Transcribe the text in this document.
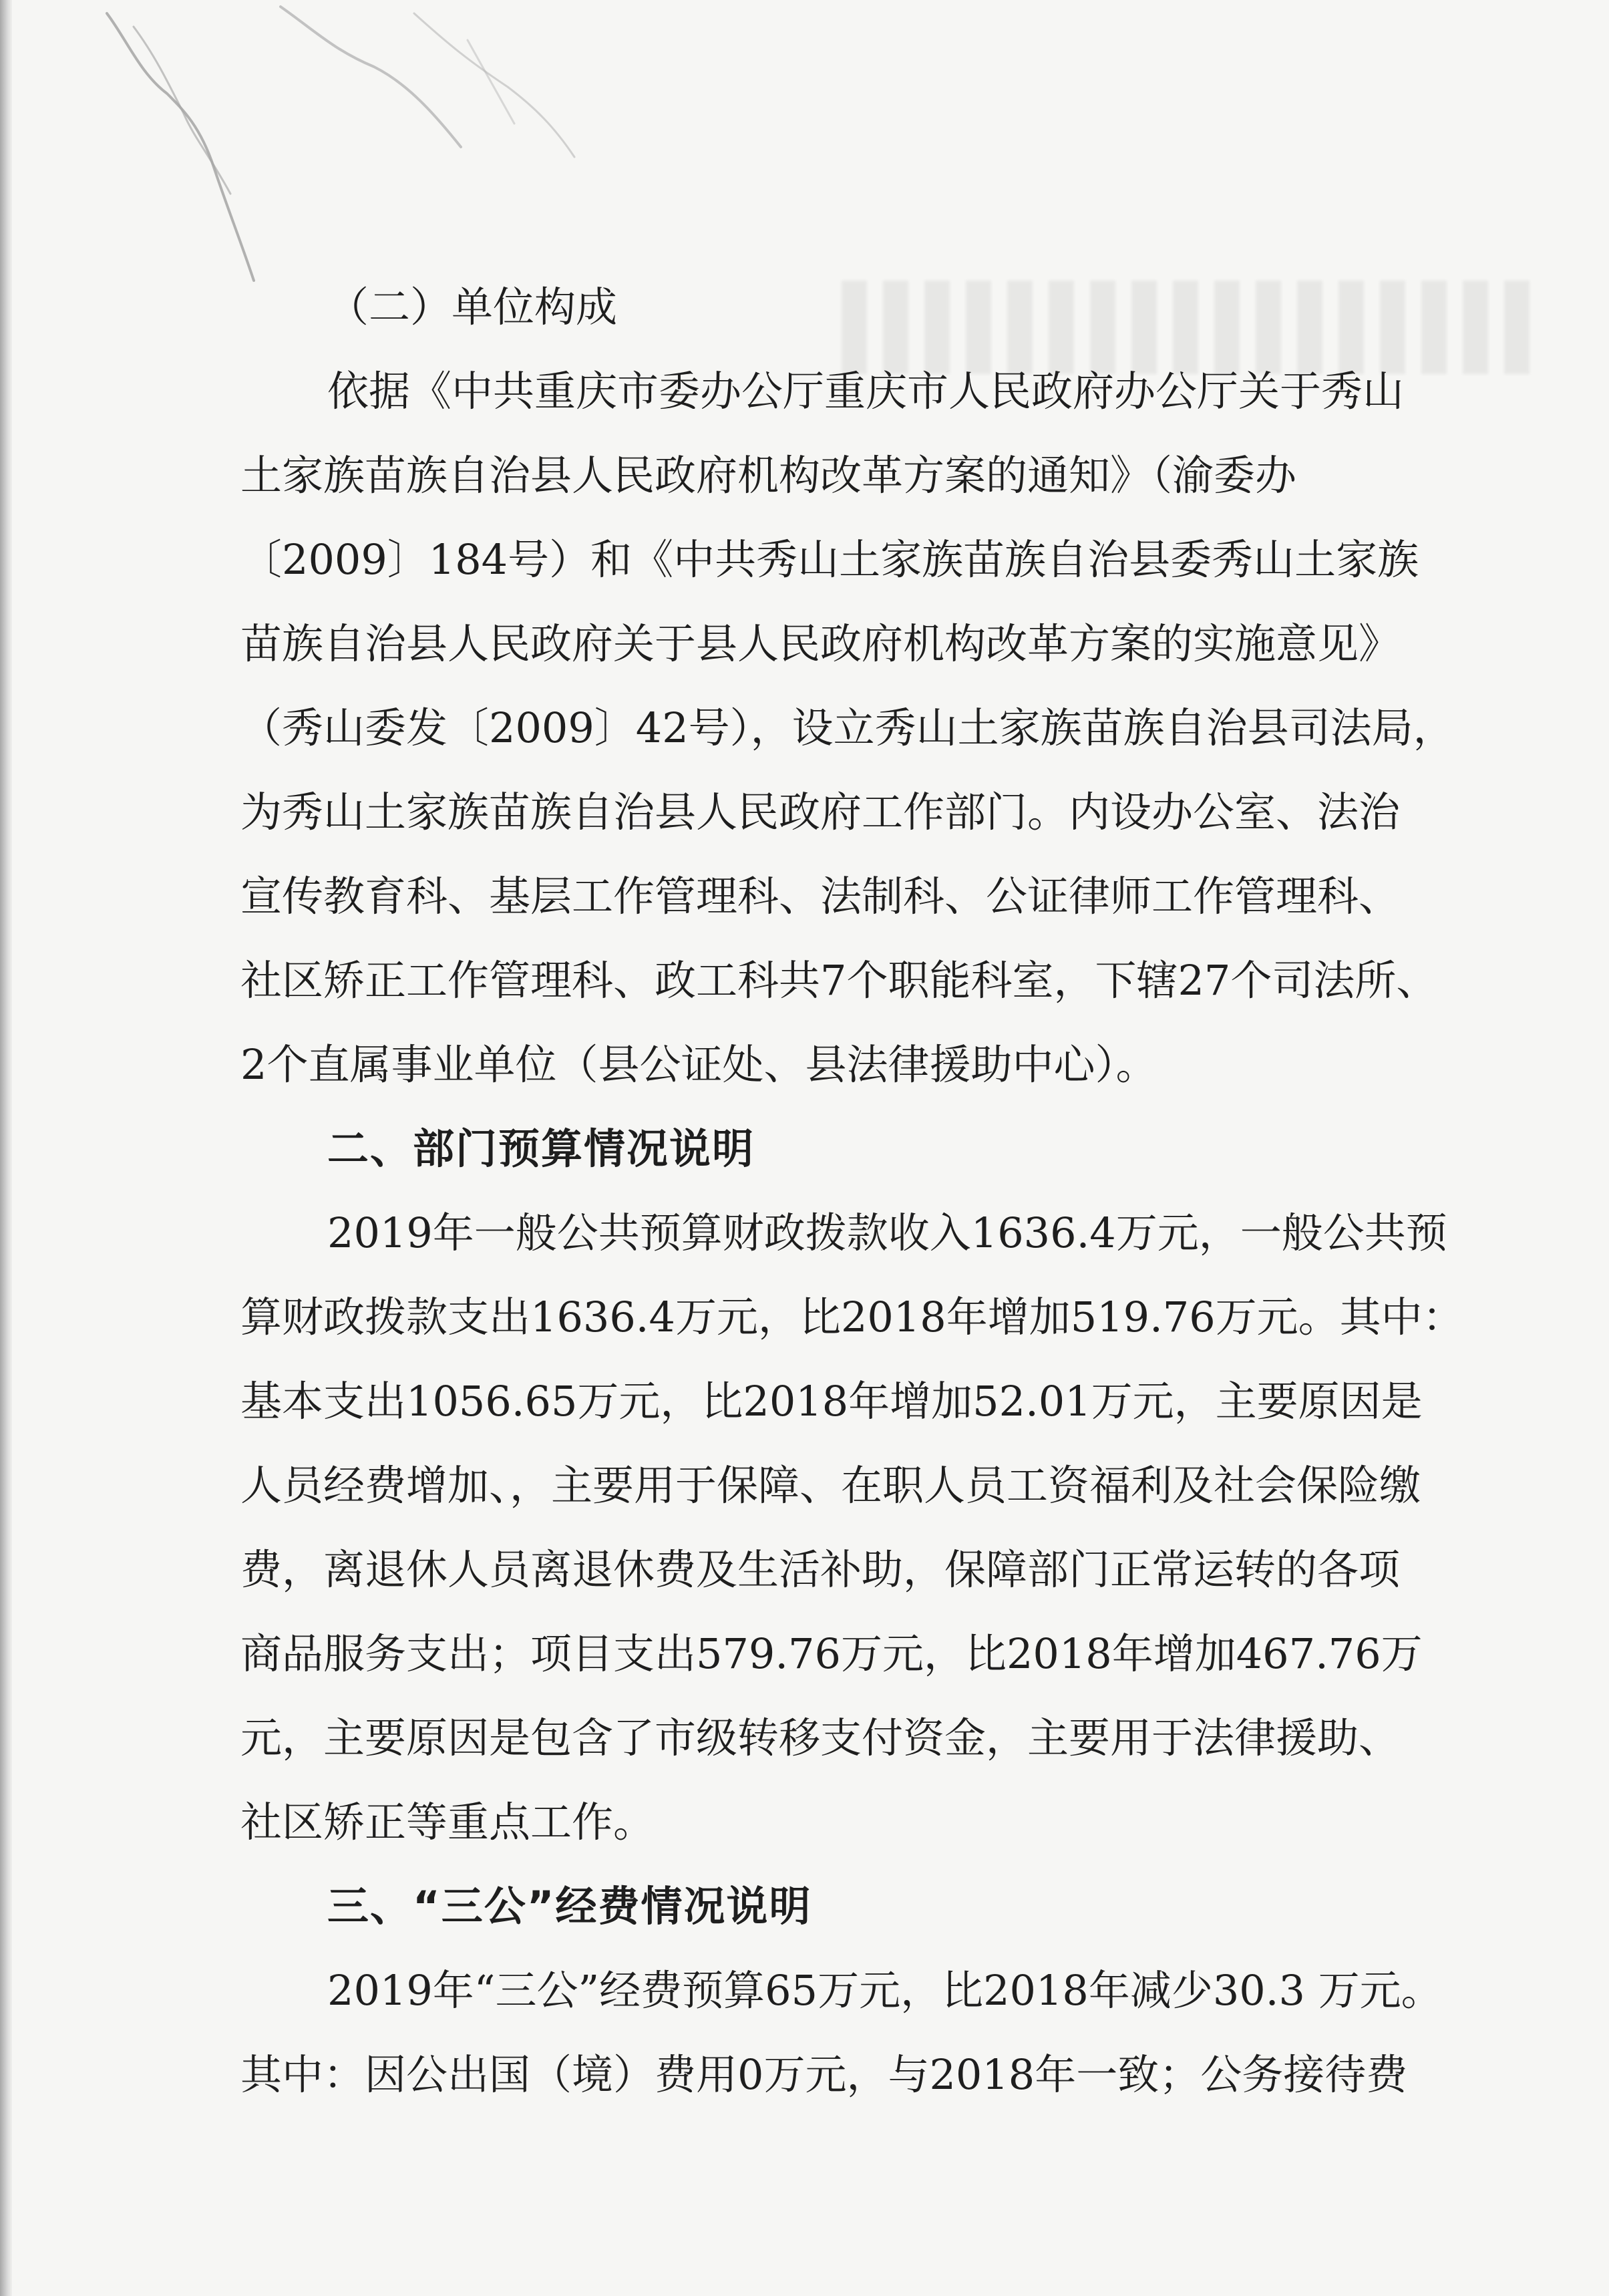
（二）单位构成
依据《中共重庆市委办公厅重庆市人民政府办公厅关于秀山
土家族苗族自治县人民政府机构改革方案的通知》（渝委办
〔2009〕184号）和《中共秀山土家族苗族自治县委秀山土家族
苗族自治县人民政府关于县人民政府机构改革方案的实施意见》
（秀山委发〔2009〕42号），设立秀山土家族苗族自治县司法局，
为秀山土家族苗族自治县人民政府工作部门。内设办公室、法治
宣传教育科、基层工作管理科、法制科、公证律师工作管理科、
社区矫正工作管理科、政工科共7个职能科室，下辖27个司法所、
2个直属事业单位（县公证处、县法律援助中心）。
二、部门预算情况说明
2019年一般公共预算财政拨款收入1636.4万元，一般公共预
算财政拨款支出1636.4万元，比2018年增加519.76万元。其中：
基本支出1056.65万元，比2018年增加52.01万元，主要原因是
人员经费增加、，主要用于保障、在职人员工资福利及社会保险缴
费，离退休人员离退休费及生活补助，保障部门正常运转的各项
商品服务支出；项目支出579.76万元，比2018年增加467.76万
元，主要原因是包含了市级转移支付资金，主要用于法律援助、
社区矫正等重点工作。
三、“三公”经费情况说明
2019年“三公”经费预算65万元，比2018年减少30.3 万元。
其中：因公出国（境）费用0万元，与2018年一致；公务接待费
